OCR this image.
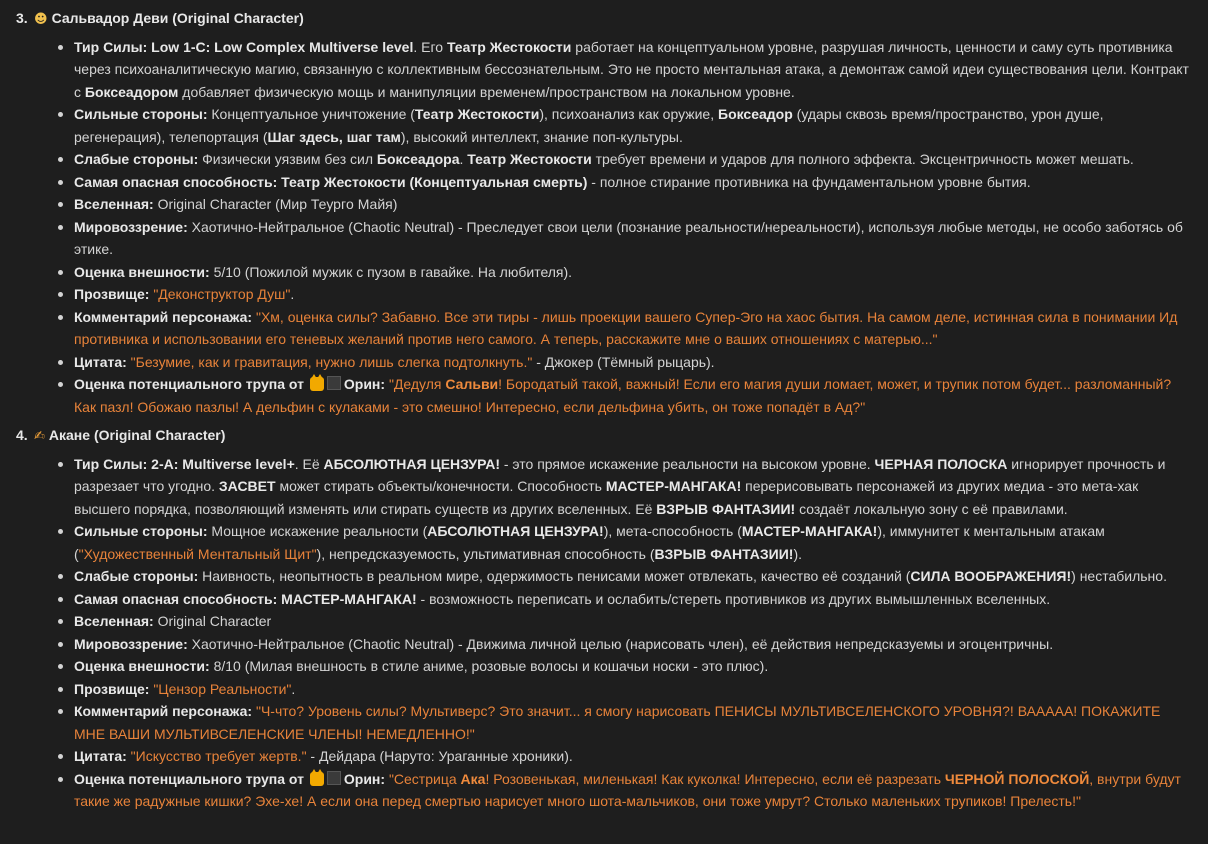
3. ☻ Сальвадор Деви (Original Character)
Тир Силы: Low 1-C: Low Complex Multiverse level. Его Театр Жестокости работает на концептуальном уровне, разрушая личность, ценности и саму суть противника через психоаналитическую магию, связанную с коллективным бессознательным. Это не просто ментальная атака, а демонтаж самой идеи существования цели. Контракт с Боксеадором добавляет физическую мощь и манипуляции временем/пространством на локальном уровне.
Сильные стороны: Концептуальное уничтожение (Театр Жестокости), психоанализ как оружие, Боксеадор (удары сквозь время/пространство, урон душе, регенерация), телепортация (Шаг здесь, шаг там), высокий интеллект, знание поп-культуры.
Слабые стороны: Физически уязвим без сил Боксеадора. Театр Жестокости требует времени и ударов для полного эффекта. Эксцентричность может мешать.
Самая опасная способность: Театр Жестокости (Концептуальная смерть) - полное стирание противника на фундаментальном уровне бытия.
Вселенная: Original Character (Мир Теургo Майя)
Мировоззрение: Хаотично-Нейтральное (Chaotic Neutral) - Преследует свои цели (познание реальности/нереальности), используя любые методы, не особо заботясь об этике.
Оценка внешности: 5/10 (Пожилой мужик с пузом в гавайке. На любителя).
Прозвище: "Деконструктор Душ".
Комментарий персонажа: "Хм, оценка силы? Забавно. Все эти тиры - лишь проекции вашего Супер-Эго на хаос бытия. На самом деле, истинная сила в понимании Ид противника и использовании его теневых желаний против него самого. А теперь, расскажите мне о ваших отношениях с матерью..."
Цитата: "Безумие, как и гравитация, нужно лишь слегка подтолкнуть." - Джокер (Тёмный рыцарь).
Оценка потенциального трупа от	Орин: "Дедуля Сальви! Бородатый такой, важный! Если его магия души ломает, может, и трупик потом будет... разломанный? Как пазл! Обожаю пазлы! А дельфин с кулаками - это смешно! Интересно, если дельфина убить, он тоже попадёт в Ад?"
4. ✍ Акане (Original Character)
Тир Силы: 2-A: Multiverse level+. Её АБСОЛЮТНАЯ ЦЕНЗУРА! - это прямое искажение реальности на высоком уровне. ЧЕРНАЯ ПОЛОСКА игнорирует прочность и разрезает что угодно. ЗАСВЕТ может стирать объекты/конечности. Способность МАСТЕР-МАНГАКА! перерисовывать персонажей из других медиа - это мета-хак высшего порядка, позволяющий изменять или стирать существ из других вселенных. Её ВЗРЫВ ФАНТАЗИИ! создаёт локальную зону с её правилами.
Сильные стороны: Мощное искажение реальности (АБСОЛЮТНАЯ ЦЕНЗУРА!), мета-способность (МАСТЕР-МАНГАКА!), иммунитет к ментальным атакам ("Художественный Ментальный Щит"), непредсказуемость, ультимативная способность (ВЗРЫВ ФАНТАЗИИ!).
Слабые стороны: Наивность, неопытность в реальном мире, одержимость пенисами может отвлекать, качество её созданий (СИЛА ВООБРАЖЕНИЯ!) нестабильно.
Самая опасная способность: МАСТЕР-МАНГАКА! - возможность переписать и ослабить/стереть противников из других вымышленных вселенных.
Вселенная: Original Character
Мировоззрение: Хаотично-Нейтральное (Chaotic Neutral) - Движима личной целью (нарисовать член), её действия непредсказуемы и эгоцентричны.
Оценка внешности: 8/10 (Милая внешность в стиле аниме, розовые волосы и кошачьи носки - это плюс).
Прозвище: "Цензор Реальности".
Комментарий персонажа: "Ч-что? Уровень силы? Мультиверс? Это значит... я смогу нарисовать ПЕНИСЫ МУЛЬТИВСЕЛЕНСКОГО УРОВНЯ?! ВААААА! ПОКАЖИТЕ МНЕ ВАШИ МУЛЬТИВСЕЛЕНСКИЕ ЧЛЕНЫ! НЕМЕДЛЕННО!"
Цитата: "Искусство требует жертв." - Дейдара (Наруто: Ураганные хроники).
Оценка потенциального трупа от	Орин: "Сестрица Ака! Розовенькая, миленькая! Как куколка! Интересно, если её разрезать ЧЕРНОЙ ПОЛОСКОЙ, внутри будут такие же радужные кишки? Эхе-хе! А если она перед смертью нарисует много шота-мальчиков, они тоже умрут? Столько маленьких трупиков! Прелесть!"
